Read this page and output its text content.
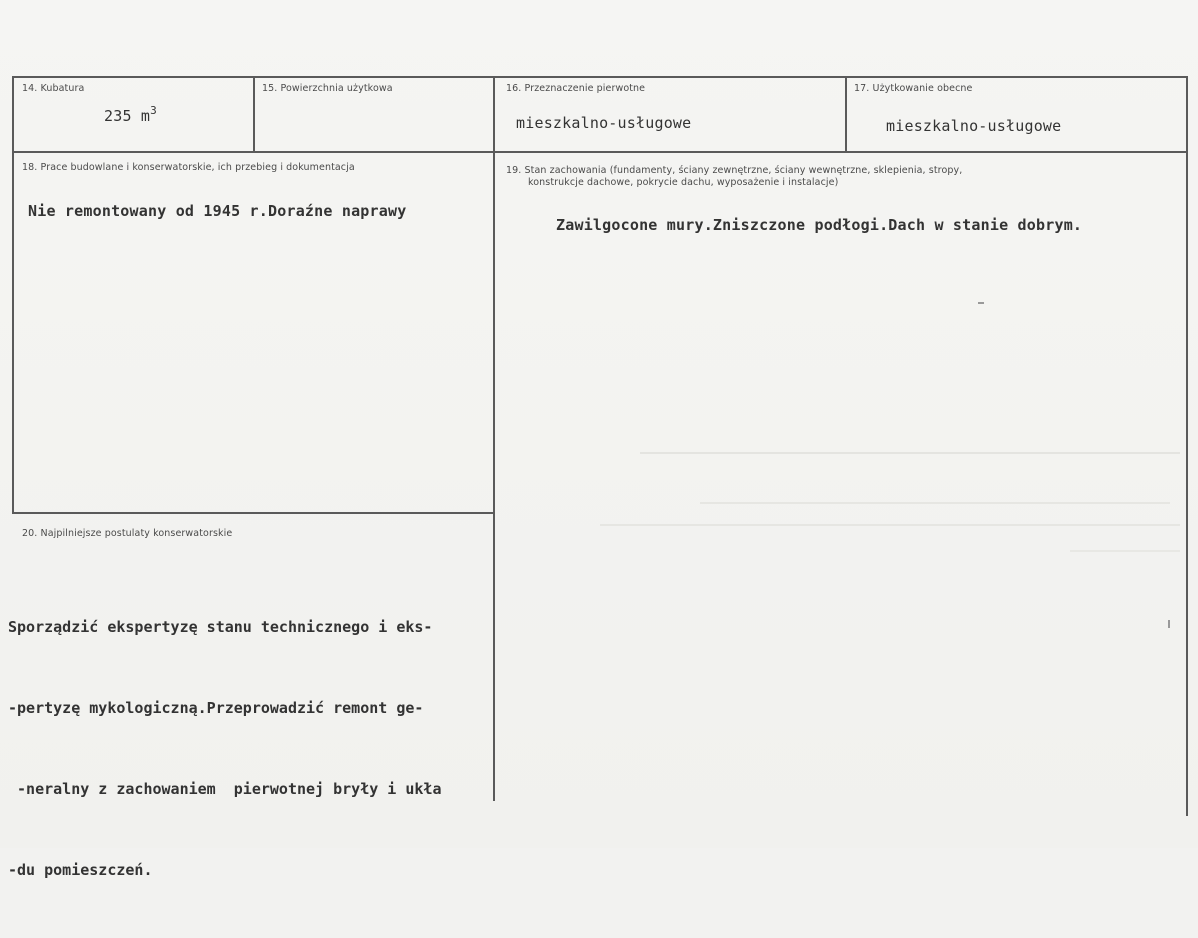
14. Kubatura
235 $m^3$
15. Powierzchnia użytkowa	16. Przeznaczenie pierwotne
mieszkalno-usługowe
17. Użytkowanie obecne
mieszkalno-usługowe
18. Prace budowlane i konserwatorskie, ich przebieg i dokumentacja
Nie remontowany od 1945 r.Doraźne naprawy
19. Stan zachowania (fundamenty, ściany zewnętrzne, ściany wewnętrzne, sklepienia, stropy,
konstrukcje dachowe, pokrycie dachu, wyposażenie i instalacje)
Zawilgocone mury.Zniszczone podłogi.Dach w stanie dobrym.
20. Najpilniejsze postulaty konserwatorskie

Sporządzić ekspertyzę stanu technicznego i eks-

-pertyzę mykologiczną.Przeprowadzić remont ge-

-neralny z zachowaniem  pierwotnej bryły i ukła

-du pomieszczeń.
